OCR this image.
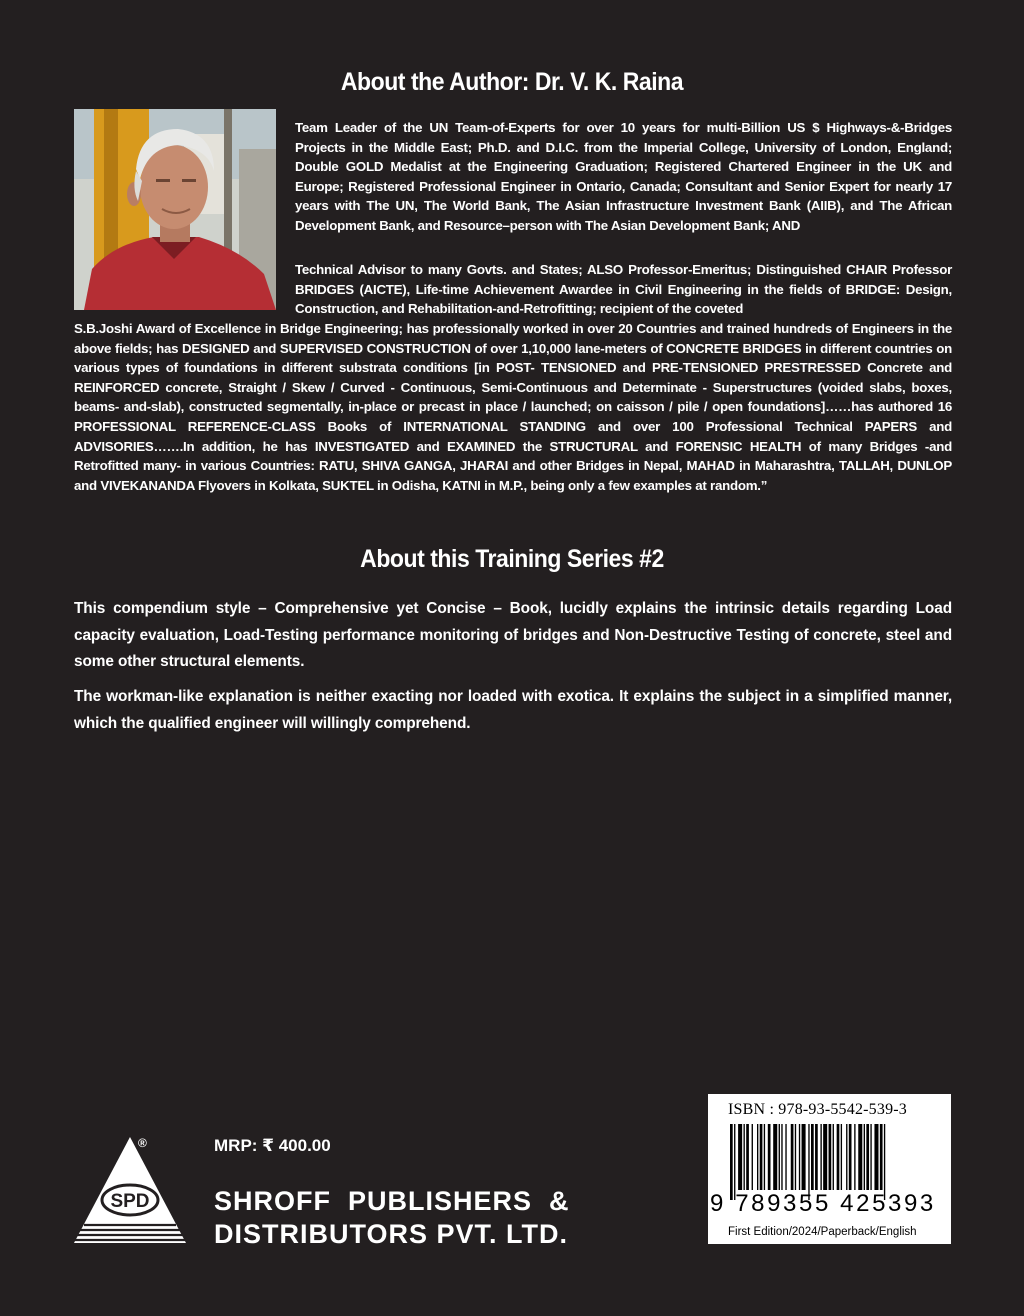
About the Author: Dr. V. K. Raina
Team Leader of the UN Team-of-Experts for over 10 years for multi-Billion US $ Highways-&-Bridges Projects in the Middle East; Ph.D. and D.I.C. from the Imperial College, University of London, England; Double GOLD Medalist at the Engineering Graduation; Registered Chartered Engineer in the UK and Europe; Registered Professional Engineer in Ontario, Canada; Consultant and Senior Expert for nearly 17 years with The UN, The World Bank, The Asian Infrastructure Investment Bank (AIIB), and The African Development Bank, and Resource–person with The Asian Development Bank; AND
Technical Advisor to many Govts. and States; ALSO Professor-Emeritus; Distinguished CHAIR Professor BRIDGES (AICTE), Life-time Achievement Awardee in Civil Engineering in the fields of BRIDGE: Design, Construction, and Rehabilitation-and-Retrofitting; recipient of the coveted
S.B.Joshi Award of Excellence in Bridge Engineering; has professionally worked in over 20 Countries and trained hundreds of Engineers in the above fields; has DESIGNED and SUPERVISED CONSTRUCTION of over 1,10,000 lane-meters of CONCRETE BRIDGES in different countries on various types of foundations in different substrata conditions [in POST- TENSIONED and PRE-TENSIONED PRESTRESSED Concrete and REINFORCED concrete, Straight / Skew / Curved - Continuous, Semi-Continuous and Determinate - Superstructures (voided slabs, boxes, beams- and-slab), constructed segmentally, in-place or precast in place / launched; on caisson / pile / open foundations]……has authored 16 PROFESSIONAL REFERENCE-CLASS Books of INTERNATIONAL STANDING and over 100 Professional Technical PAPERS and ADVISORIES…….In addition, he has INVESTIGATED and EXAMINED the STRUCTURAL and FORENSIC HEALTH of many Bridges -and Retrofitted many- in various Countries: RATU, SHIVA GANGA, JHARAI and other Bridges in Nepal, MAHAD in Maharashtra, TALLAH, DUNLOP and VIVEKANANDA Flyovers in Kolkata, SUKTEL in Odisha, KATNI in M.P., being only a few examples at random.”
About this Training Series #2
This compendium style – Comprehensive yet Concise – Book, lucidly explains the intrinsic details regarding Load capacity evaluation, Load-Testing performance monitoring of bridges and Non-Destructive Testing of concrete, steel and some other structural elements.
The workman-like explanation is neither exacting nor loaded with exotica. It explains the subject in a simplified manner, which the qualified engineer will willingly comprehend.
SPD
®	MRP: ₹ 400.00
SHROFF  PUBLISHERS  &
DISTRIBUTORS PVT. LTD.
ISBN : 978-93-5542-539-3
9 789355 425393
First Edition/2024/Paperback/English
